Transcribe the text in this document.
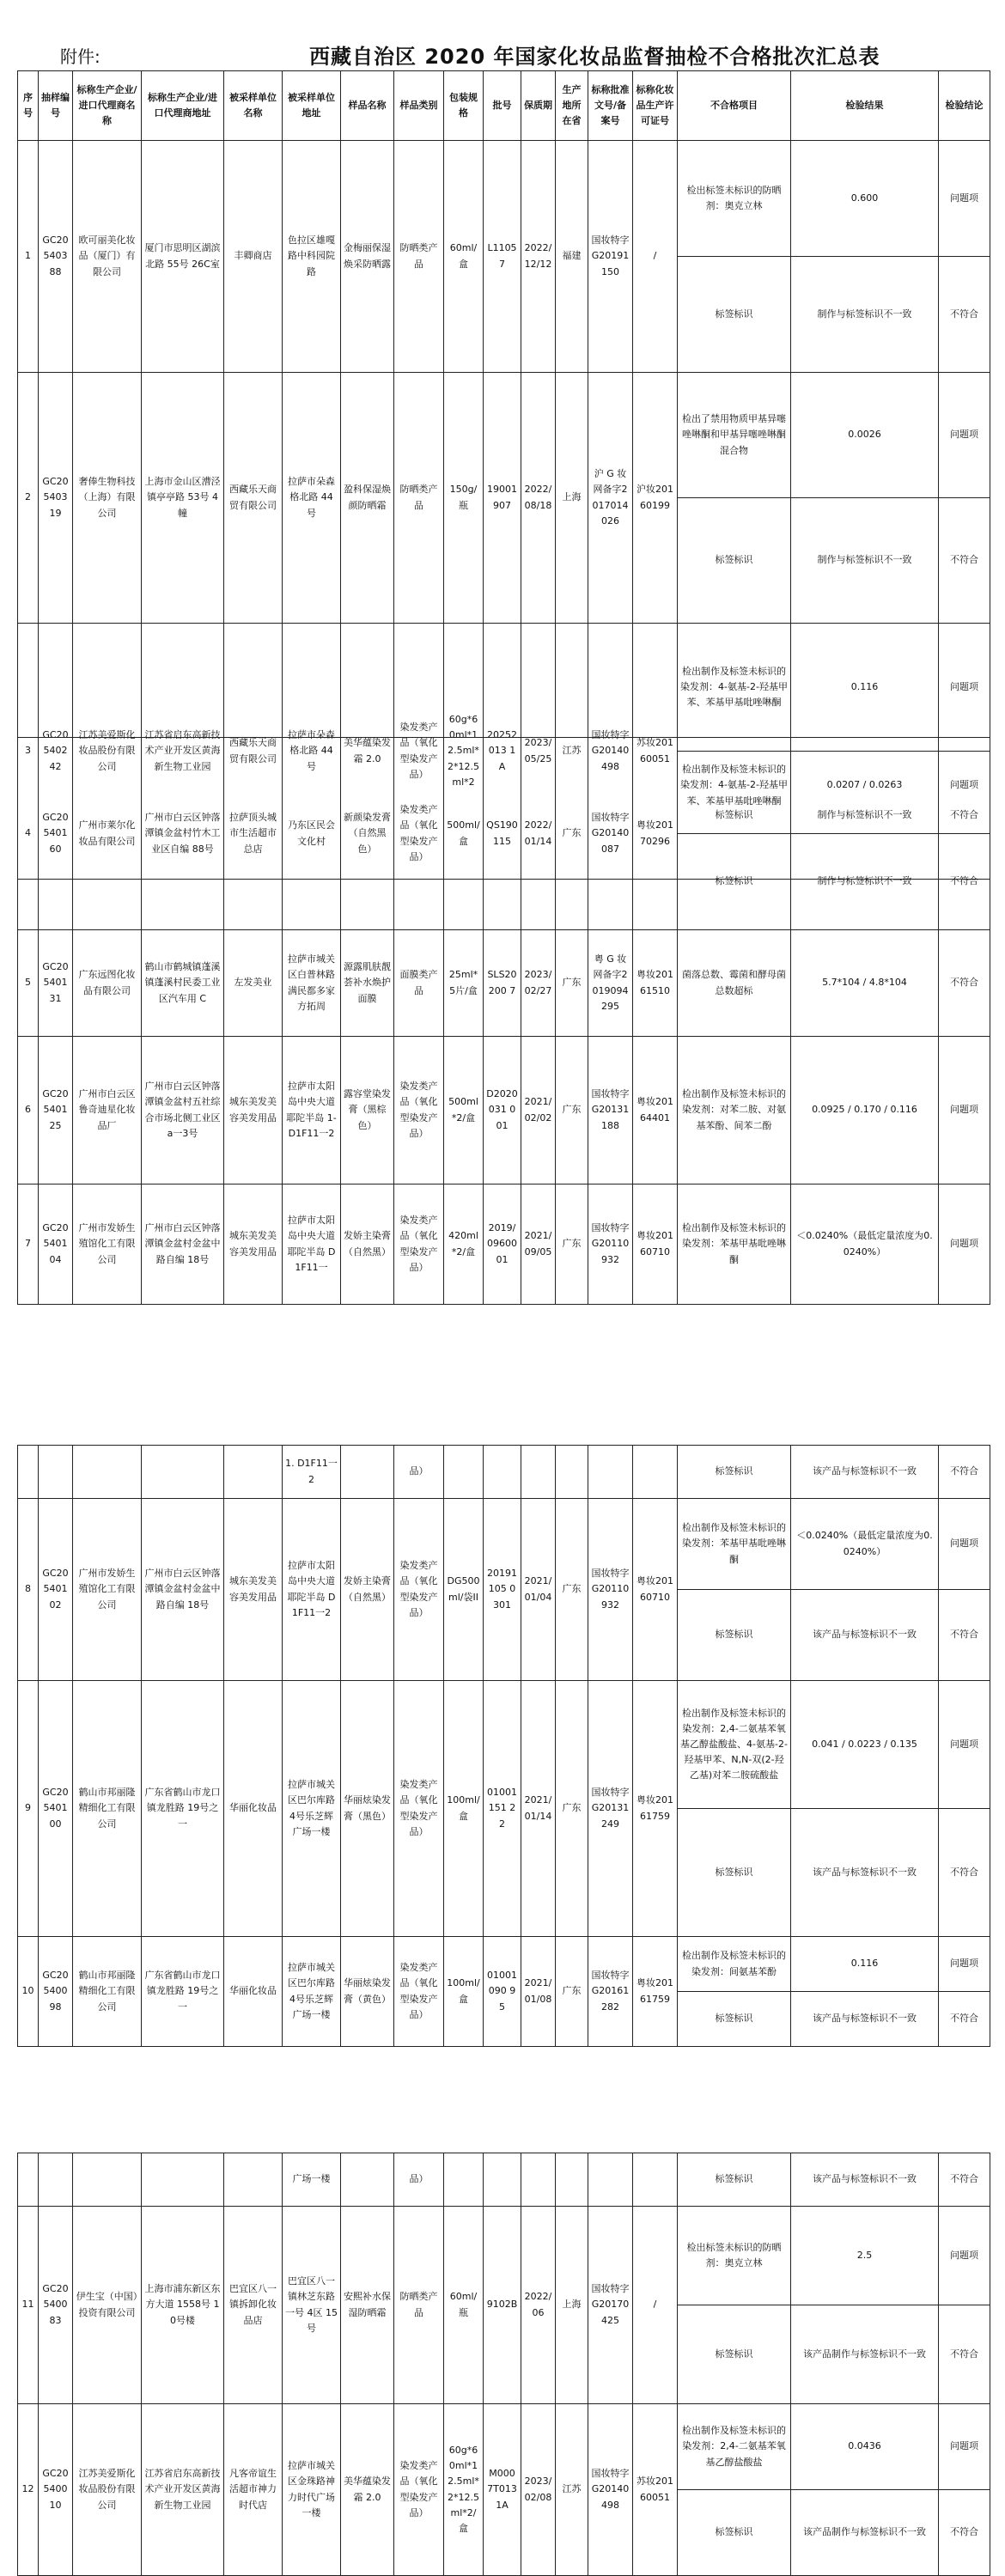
附件:	西藏自治区 2020 年国家化妆品监督抽检不合格批次汇总表
序号	抽样编号	标称生产企业/进口代理商名称	标称生产企业/进口代理商地址	被采样单位名称	被采样单位地址	样品名称	样品类别	包装规格	批号	保质期	生产地所在省	标称批准文号/备案号	标称化妆品生产许可证号	不合格项目	检验结果	检验结论
1	GC20540388	欧可丽美化妆品（厦门）有限公司	厦门市思明区湖滨北路 55号 26C室	丰卿商店	色拉区雄嘎路中科园院路	金梅丽保湿焕采防晒露	防晒类产品	60ml/盒	L11057	2022/12/12	福建	国妆特字G20191150	/	检出标签未标识的防晒剂：奥克立林	0.600	问题项
														标签标识	制作与标签标识不一致	不符合
2	GC20540319	奢俸生物科技（上海）有限公司	上海市金山区漕泾镇亭亭路 53号 4幢	西藏乐天商贸有限公司	拉萨市朵森格北路 44号	盈科保湿焕颜防晒霜	防晒类产品	150g/瓶	19001907	2022/08/18	上海	沪 G 妆网备字2017014026	沪妆20160199	检出了禁用物质甲基异噻唑啉酮和甲基异噻唑啉酮混合物	0.0026	问题项
														标签标识	制作与标签标识不一致	不符合
3	GC20540242	江苏美爱斯化妆品股份有限公司	江苏省启东高新技术产业开发区黄海新生物工业园	西藏乐天商贸有限公司	拉萨市朵森格北路 44号	美华蕴染发霜 2.0	染发类产品（氧化型染发产品）	60g*60ml*12.5ml*2*12.5ml*2	20252013 1A	2023/05/25	江苏	国妆特字G20140498	苏妆20160051	检出制作及标签未标识的染发剂：4-氨基-2-羟基甲苯、苯基甲基吡唑啉酮	0.116	问题项
														标签标识	制作与标签标识不一致	不符合
4	GC20540160	广州市莱尔化妆品有限公司	广州市白云区钟落潭镇金盆村竹木工业区自编 88号	拉萨顶头城市生活超市总店	乃东区民会文化村	新颜染发膏（自然黑色）	染发类产品（氧化型染发产品）	500ml/盒	QS190115	2022/01/14	广东	国妆特字G20140087	粤妆20170296	检出制作及标签未标识的染发剂：4-氨基-2-羟基甲苯、苯基甲基吡唑啉酮	0.0207 / 0.0263	问题项
														标签标识	制作与标签标识不一致	不符合
5	GC20540131	广东远图化妆品有限公司	鹤山市鹤城镇蓬溪镇蓬溪村民委工业区汽车用 C	左发美业	拉萨市城关区白普林路满民都多家方拓周	源露肌肤靓荟补水焕护面膜	面膜类产品	25ml*5片/盒	SLS20200 7	2023/02/27	广东	粤 G 妆网备字2019094295	粤妆20161510	菌落总数、霉菌和酵母菌总数超标	5.7*104 / 4.8*104	不符合
6	GC20540125	广州市白云区鲁奇迪星化妆品厂	广州市白云区钟落潭镇金盆村五社综合市场北侧工业区 a一3号	城东美发美容美发用品	拉萨市太阳岛中央大道耶陀半岛 1- D1F11一2	露容堂染发膏（黑棕色）	染发类产品（氧化型染发产品）	500ml*2/盒	D2020031 001	2021/02/02	广东	国妆特字G20131188	粤妆20164401	检出制作及标签未标识的染发剂：对苯二胺、对氨基苯酚、间苯二酚	0.0925 / 0.170 / 0.116	问题项
7	GC20540104	广州市发娇生殖馆化工有限公司	广州市白云区钟落潭镇金盆村金盆中路自编 18号	城东美发美容美发用品	拉萨市太阳岛中央大道耶陀半岛 D1F11一	发娇主染膏（自然黑）	染发类产品（氧化型染发产品）	420ml*2/盒	2019/0960001	2021/09/05	广东	国妆特字G20110932	粤妆20160710	检出制作及标签未标识的染发剂：苯基甲基吡唑啉酮	＜0.0240%（最低定量浓度为0.0240%）	问题项
					1. D1F11一2		品）							标签标识	该产品与标签标识不一致	不符合
8	GC20540102	广州市发娇生殖馆化工有限公司	广州市白云区钟落潭镇金盆村金盆中路自编 18号	城东美发美容美发用品	拉萨市太阳岛中央大道耶陀半岛 D1F11一2	发娇主染膏（自然黑）	染发类产品（氧化型染发产品）	DG500ml/袋II	20191105 0301	2021/01/04	广东	国妆特字G20110932	粤妆20160710	检出制作及标签未标识的染发剂：苯基甲基吡唑啉酮	＜0.0240%（最低定量浓度为0.0240%）	问题项
														标签标识	该产品与标签标识不一致	不符合
9	GC20540100	鹤山市邦丽隆精细化工有限公司	广东省鹤山市龙口镇龙胜路 19号之一	华丽化妆品	拉萨市城关区巴尔库路 4号乐芝辉广场一楼	华丽炫染发膏（黑色）	染发类产品（氧化型染发产品）	100ml/盒	01001151 22	2021/01/14	广东	国妆特字G20131249	粤妆20161759	检出制作及标签未标识的染发剂：2,4-二氨基苯氧基乙醇盐酸盐、4-氨基-2-羟基甲苯、N,N-双(2-羟乙基)对苯二胺硫酸盐	0.041 / 0.0223 / 0.135	问题项
														标签标识	该产品与标签标识不一致	不符合
10	GC20540098	鹤山市邦丽隆精细化工有限公司	广东省鹤山市龙口镇龙胜路 19号之一	华丽化妆品	拉萨市城关区巴尔库路 4号乐芝辉广场一楼	华丽炫染发膏（黄色）	染发类产品（氧化型染发产品）	100ml/盒	01001090 95	2021/01/08	广东	国妆特字G20161282	粤妆20161759	检出制作及标签未标识的染发剂：间氨基苯酚	0.116	问题项
														标签标识	该产品与标签标识不一致	不符合
					广场一楼		品）							标签标识	该产品与标签标识不一致	不符合
11	GC20540083	伊生宝（中国）投资有限公司	上海市浦东新区东方大道 1558号 10号楼	巴宜区八一镇拆卸化妆品店	巴宜区八一镇林芝东路一号 4区 15号	安熙补水保湿防晒霜	防晒类产品	60ml/瓶	9102B	2022/06	上海	国妆特字G20170425	/	检出标签未标识的防晒剂：奥克立林	2.5	问题项
														标签标识	该产品制作与标签标识不一致	不符合
12	GC20540010	江苏美爱斯化妆品股份有限公司	江苏省启东高新技术产业开发区黄海新生物工业园	凡客帝谊生活超市神力时代店	拉萨市城关区金珠路神力时代广场一楼	美华蕴染发霜 2.0	染发类产品（氧化型染发产品）	60g*60ml*12.5ml*2*12.5ml*2/盒	M0007T013 1A	2023/02/08	江苏	国妆特字G20140498	苏妆20160051	检出制作及标签未标识的染发剂：2,4-二氨基苯氧基乙醇盐酸盐	0.0436	问题项
														标签标识	该产品制作与标签标识不一致	不符合
